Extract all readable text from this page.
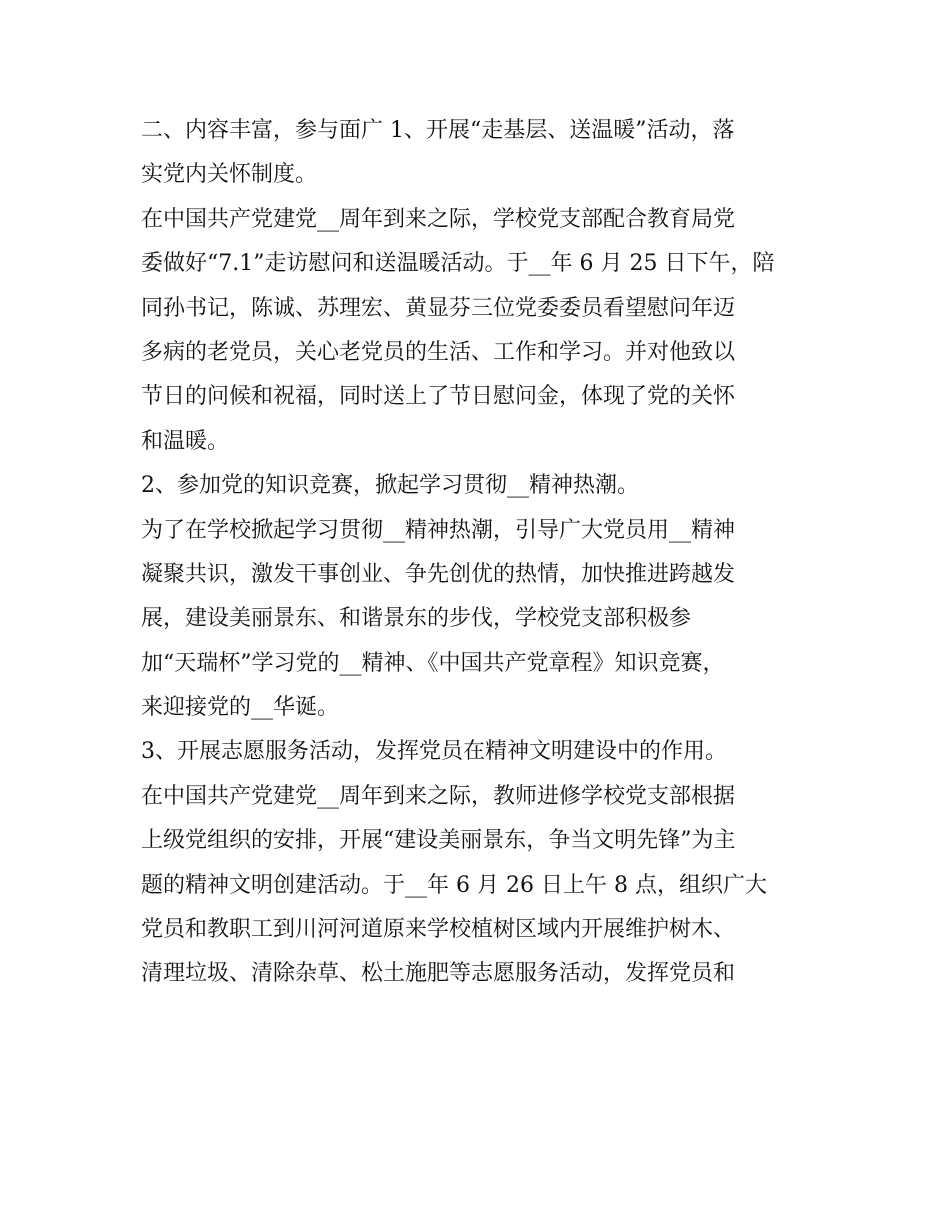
二、内容丰富，参与面广 1、开展“走基层、送温暖”活动，落
实党内关怀制度。
在中国共产党建党__周年到来之际，学校党支部配合教育局党
委做好“7.1”走访慰问和送温暖活动。于__年 6 月 25 日下午，陪
同孙书记，陈诚、苏理宏、黄显芬三位党委委员看望慰问年迈
多病的老党员，关心老党员的生活、工作和学习。并对他致以
节日的问候和祝福，同时送上了节日慰问金，体现了党的关怀
和温暖。
2、参加党的知识竞赛，掀起学习贯彻__精神热潮。
为了在学校掀起学习贯彻__精神热潮，引导广大党员用__精神
凝聚共识，激发干事创业、争先创优的热情，加快推进跨越发
展，建设美丽景东、和谐景东的步伐，学校党支部积极参
加“天瑞杯”学习党的__精神、《中国共产党章程》知识竞赛，
来迎接党的__华诞。
3、开展志愿服务活动，发挥党员在精神文明建设中的作用。
在中国共产党建党__周年到来之际，教师进修学校党支部根据
上级党组织的安排，开展“建设美丽景东，争当文明先锋”为主
题的精神文明创建活动。于__年 6 月 26 日上午 8 点，组织广大
党员和教职工到川河河道原来学校植树区域内开展维护树木、
清理垃圾、清除杂草、松土施肥等志愿服务活动，发挥党员和
